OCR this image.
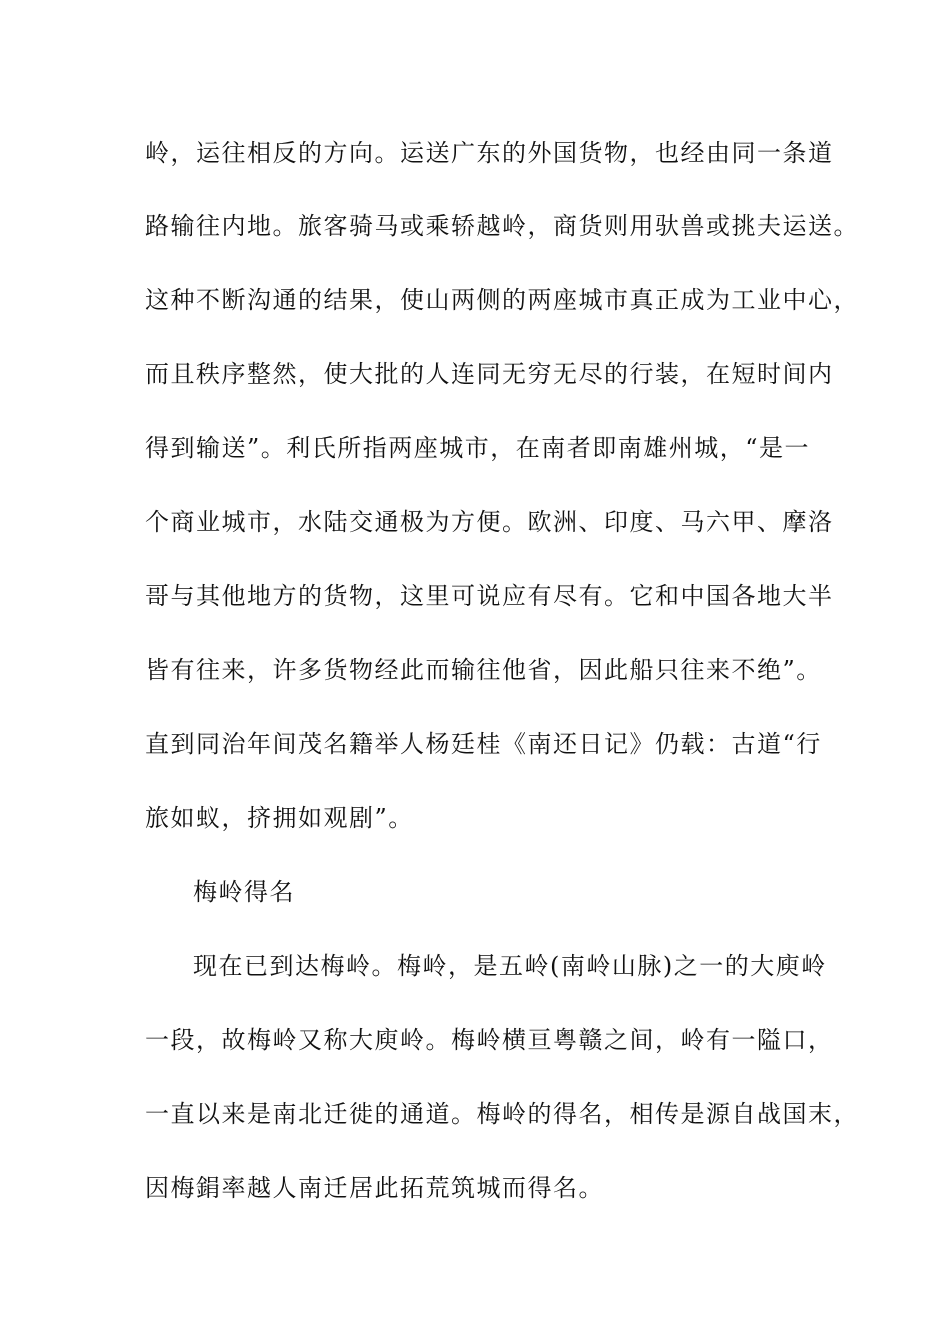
岭，运往相反的方向。运送广东的外国货物，也经由同一条道
路输往内地。旅客骑马或乘轿越岭，商货则用驮兽或挑夫运送。
这种不断沟通的结果，使山两侧的两座城市真正成为工业中心，
而且秩序整然，使大批的人连同无穷无尽的行装，在短时间内
得到输送”。利氏所指两座城市，在南者即南雄州城，“是一
个商业城市，水陆交通极为方便。欧洲、印度、马六甲、摩洛
哥与其他地方的货物，这里可说应有尽有。它和中国各地大半
皆有往来，许多货物经此而输往他省，因此船只往来不绝”。
直到同治年间茂名籍举人杨廷桂《南还日记》仍载：古道“行
旅如蚁，挤拥如观剧”。
梅岭得名
现在已到达梅岭。梅岭，是五岭(南岭山脉)之一的大庾岭
一段，故梅岭又称大庾岭。梅岭横亘粤赣之间，岭有一隘口，
一直以来是南北迁徙的通道。梅岭的得名，相传是源自战国末，
因梅鋗率越人南迁居此拓荒筑城而得名。
